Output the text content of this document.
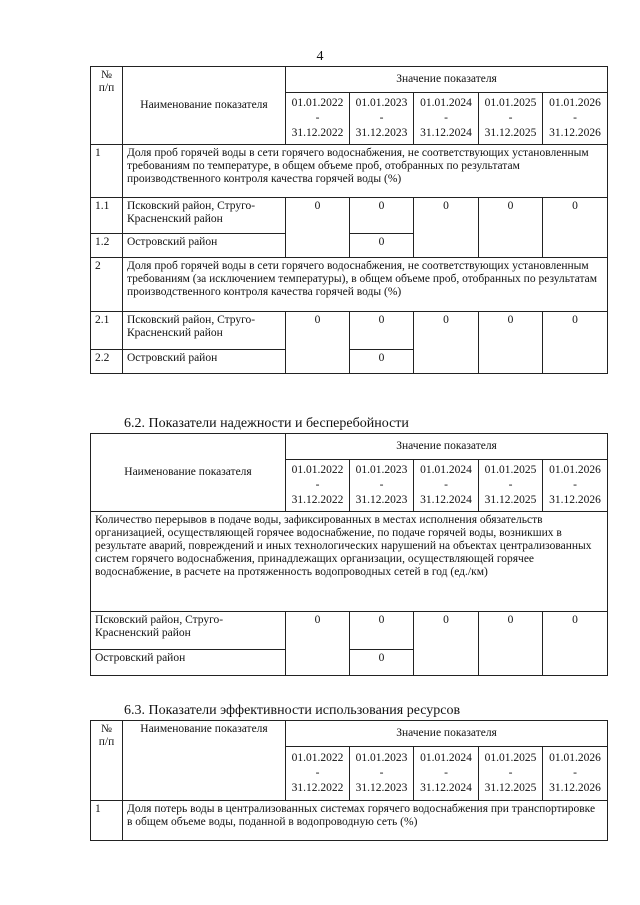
4
№ п/п	Наименование показателя	Значение показателя				

		01.01.2022
-
31.12.2022	01.01.2023
-
31.12.2023	01.01.2024
-
31.12.2024	01.01.2025
-
31.12.2025	01.01.2026
-
31.12.2026

1	Доля проб горячей воды в сети горячего водоснабжения, не соответствующих установленным требованиям по температуре, в общем объеме проб, отобранных по результатам производственного контроля качества горячей воды (%)					
1.1	Псковский район, Струго-Красненский район	0	0	0	0	0
1.2	Островский район		0			
2	Доля проб горячей воды в сети горячего водоснабжения, не соответствующих установленным требованиям (за исключением температуры), в общем объеме проб, отобранных по результатам производственного контроля качества горячей воды (%)					
2.1	Псковский район, Струго-Красненский район	0	0	0	0	0
2.2	Островский район		0			
6.2. Показатели надежности и бесперебойности
Наименование показателя	Значение показателя				

	01.01.2022
-
31.12.2022	01.01.2023
-
31.12.2023	01.01.2024
-
31.12.2024	01.01.2025
-
31.12.2025	01.01.2026
-
31.12.2026

Количество перерывов в подаче воды, зафиксированных в местах исполнения обязательств организацией, осуществляющей горячее водоснабжение, по подаче горячей воды, возникших в результате аварий, повреждений и иных технологических нарушений на объектах централизованных систем горячего водоснабжения, принадлежащих организации, осуществляющей горячее водоснабжение, в расчете на протяженность водопроводных сетей в год (ед./км)					
Псковский район, Струго-Красненский район	0	0	0	0	0
Островский район		0			
6.3. Показатели эффективности использования ресурсов
№ п/п	Наименование показателя	Значение показателя				

		01.01.2022
-
31.12.2022	01.01.2023
-
31.12.2023	01.01.2024
-
31.12.2024	01.01.2025
-
31.12.2025	01.01.2026
-
31.12.2026

1	Доля потерь воды в централизованных системах горячего водоснабжения при транспортировке в общем объеме воды, поданной в водопроводную сеть (%)					
